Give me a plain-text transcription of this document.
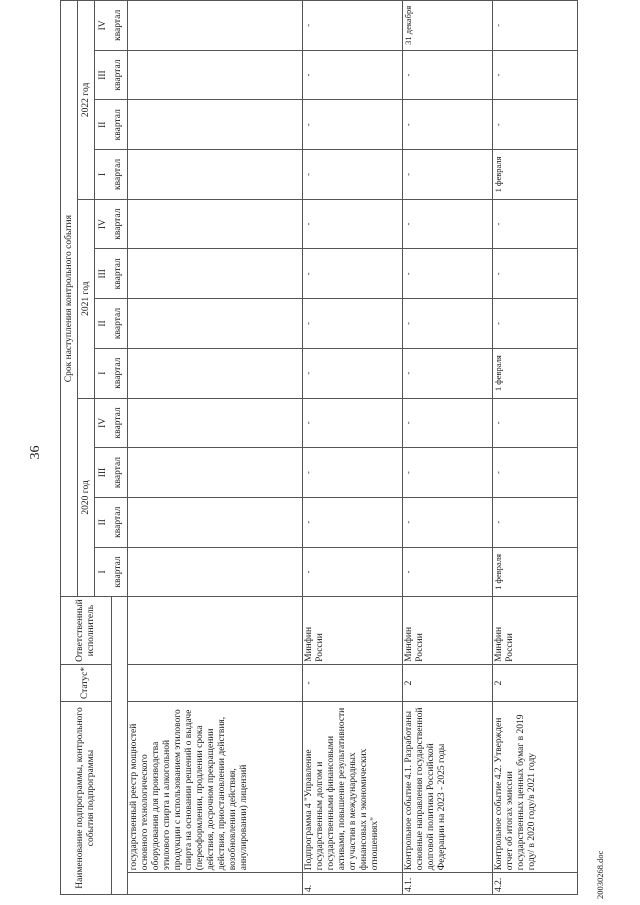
36
Наименование подпрограммы, контрольного события подпрограммы		Статус*	Ответственный исполнитель	Срок наступления контрольного события											
				2020 год				2021 год				2022 год			
				I	II	III	IV	I	II	III	IV	I	II	III	IV
				квартал	квартал	квартал	квартал	квартал	квартал	квартал	квартал	квартал	квартал	квартал	квартал
	государственный реестр мощностей основного технологического оборудования для производства этилового спирта и алкогольной продукции с использованием этилового спирта на основании решений о выдаче (переоформлении, продлении срока действия, досрочном прекращении действия, приостановлении действия, возобновлении действия, аннулировании) лицензий														
4.	Подпрограмма 4 "Управление государственным долгом и государственными финансовыми активами, повышение результативности от участия в международных финансовых и экономических отношениях"	-	Минфин России	-	-	-	-	-	-	-	-	-	-	-	-
4.1.	Контрольное событие 4.1. Разработаны основные направления государственной долговой политики Российской Федерации на 2023 - 2025 годы	2	Минфин России	-	-	-	-	-	-	-	-	-	-	-	31 декабря
4.2.	Контрольное событие 4.2. Утвержден отчет об итогах эмиссии государственных ценных бумаг в 2019 году/ в 2020 году/в 2021 году	2	Минфин России	1 февраля	-	-	-	1 февраля	-	-	-	1 февраля	-	-	-
20030268.doc
